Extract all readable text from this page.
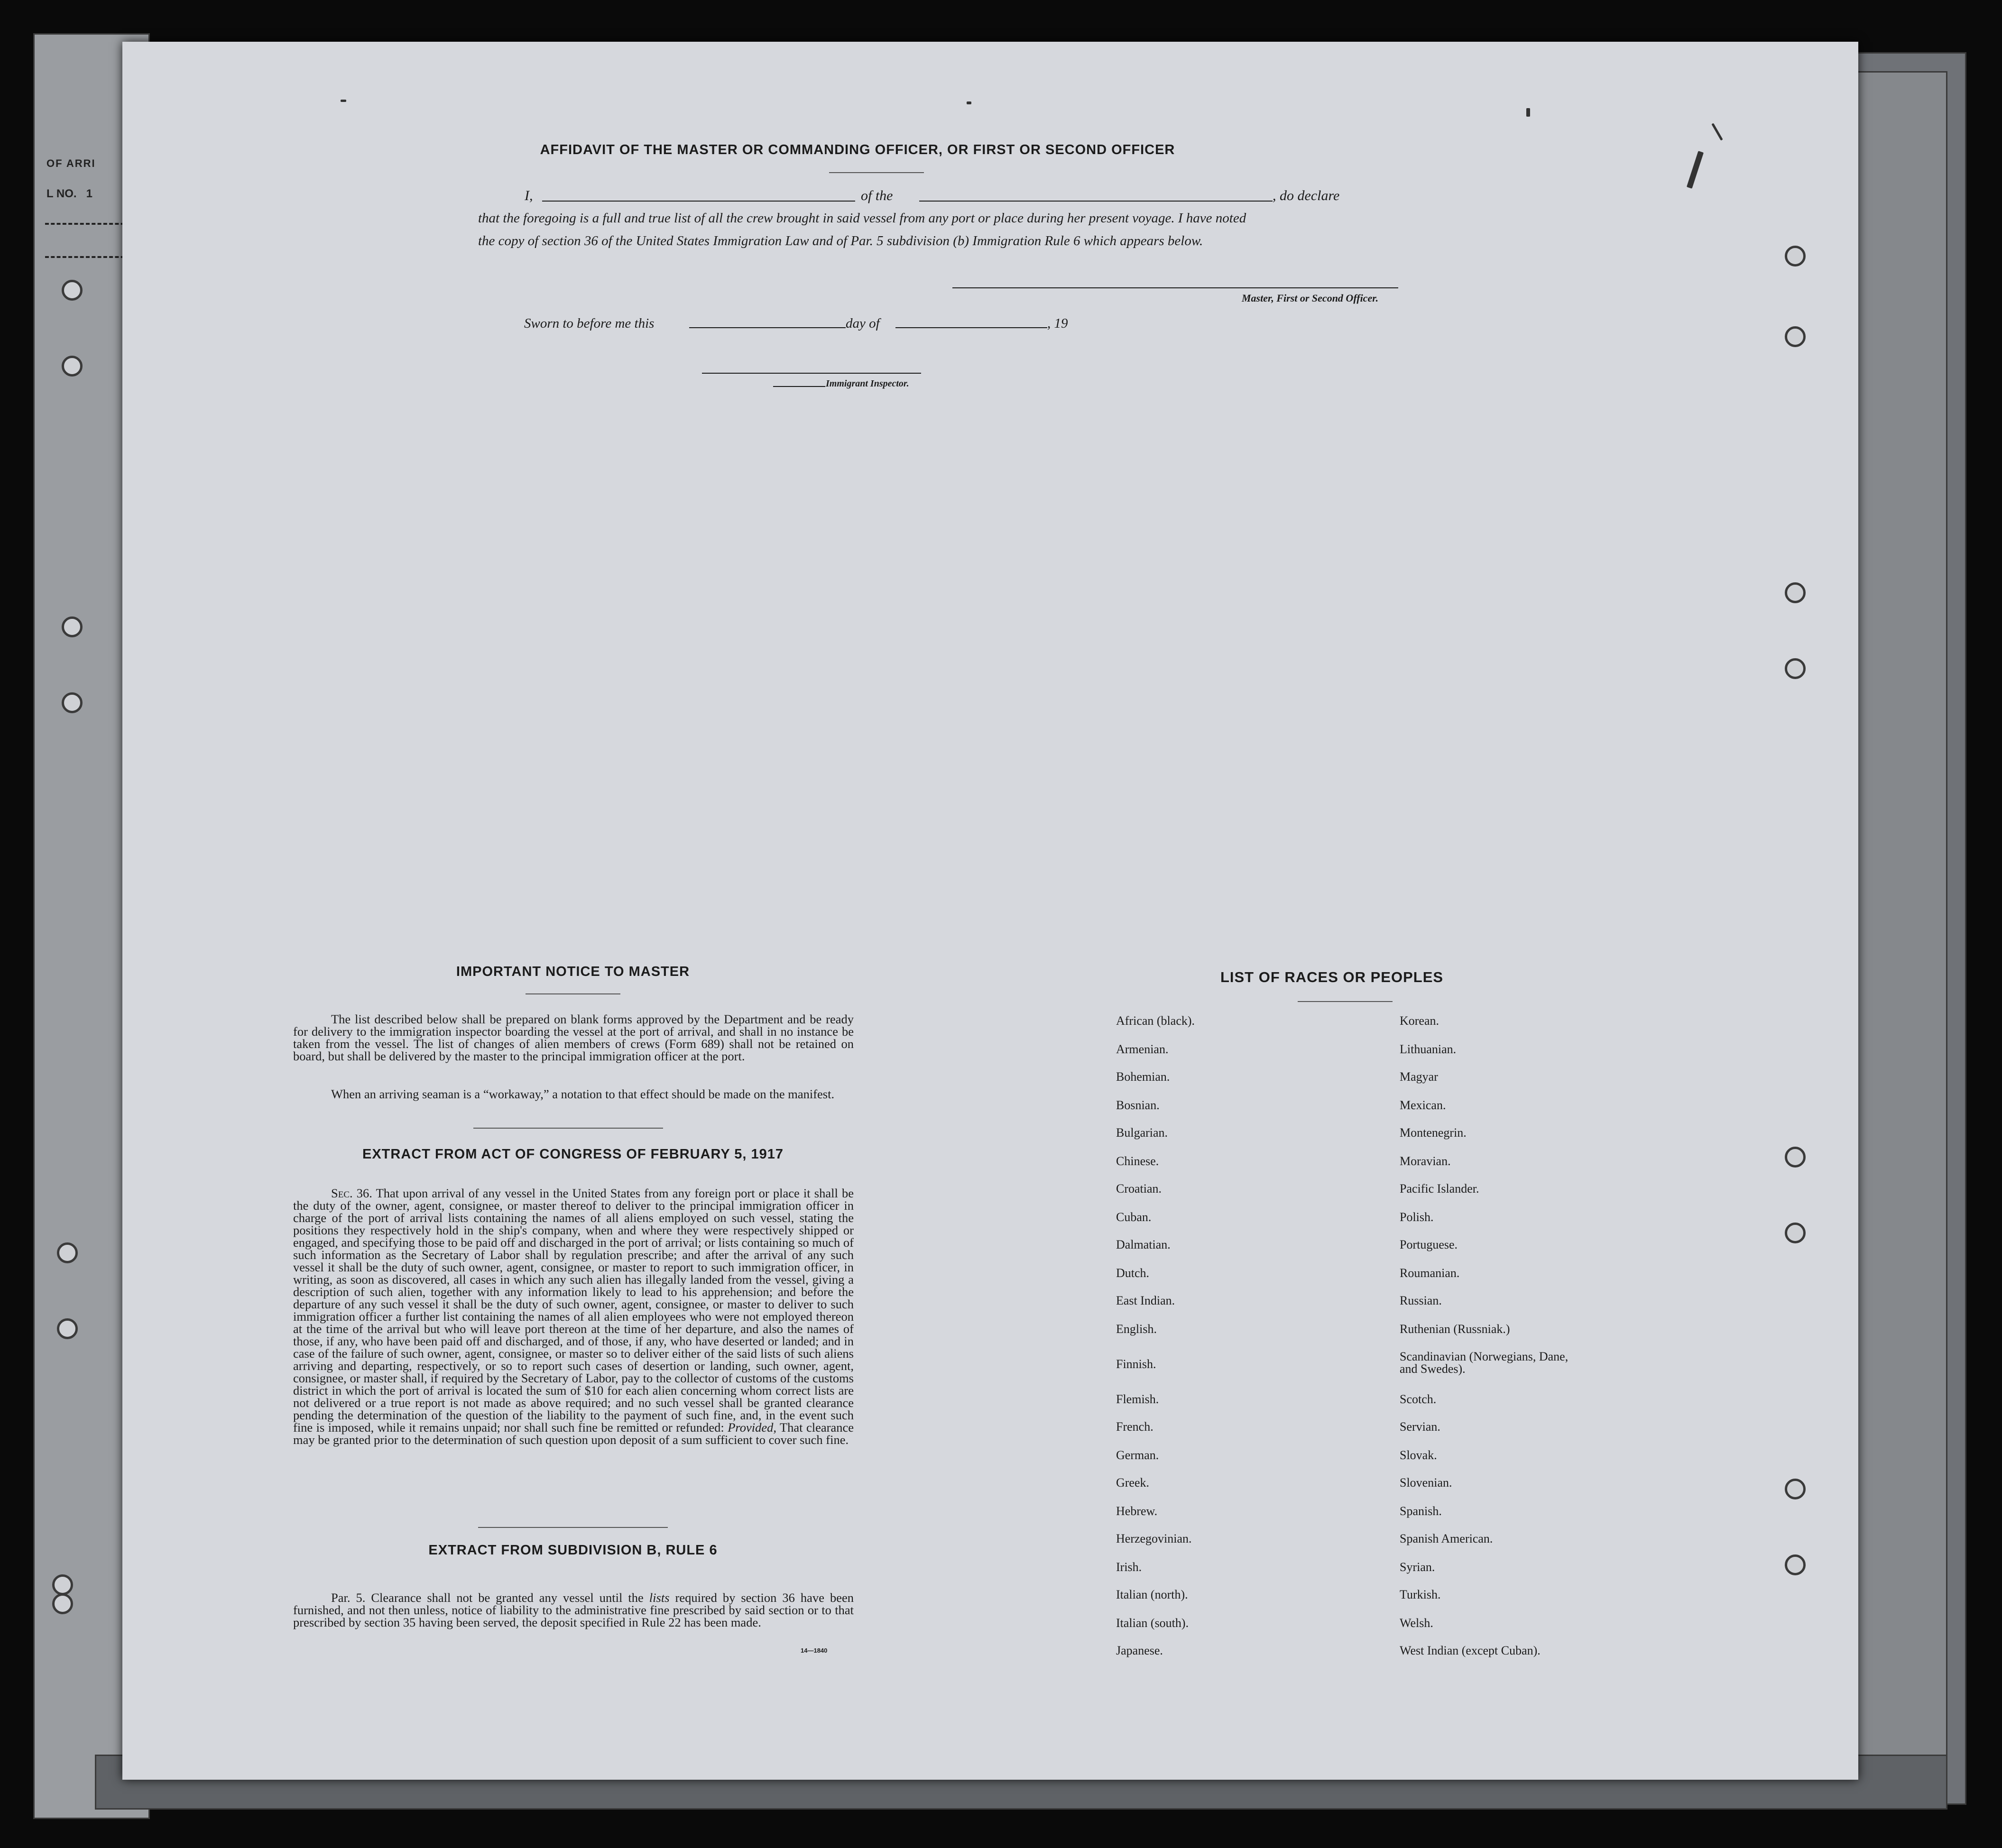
OF ARRI
L NO.   1
AFFIDAVIT OF THE MASTER OR COMMANDING OFFICER, OR FIRST OR SECOND OFFICER
I,	of the	, do declare
that the foregoing is a full and true list of all the crew brought in said vessel from any port or place during her present voyage. I have noted
the copy of section 36 of the United States Immigration Law and of Par. 5 subdivision (b) Immigration Rule 6 which appears below.
Master, First or Second Officer.
Sworn to before me this	day of	, 19
Immigrant Inspector.
IMPORTANT NOTICE TO MASTER
The list described below shall be prepared on blank forms approved by the Department and be ready for delivery to the immigration inspector boarding the vessel at the port of arrival, and shall in no instance be taken from the vessel. The list of changes of alien members of crews (Form 689) shall not be retained on board, but shall be delivered by the master to the principal immigration officer at the port.
When an arriving seaman is a “workaway,” a notation to that effect should be made on the manifest.
EXTRACT FROM ACT OF CONGRESS OF FEBRUARY 5, 1917
Sec. 36. That upon arrival of any vessel in the United States from any foreign port or place it shall be the duty of the owner, agent, consignee, or master thereof to deliver to the principal immigration officer in charge of the port of arrival lists containing the names of all aliens employed on such vessel, stating the positions they respectively hold in the ship's company, when and where they were respectively shipped or engaged, and specifying those to be paid off and discharged in the port of arrival; or lists containing so much of such information as the Secretary of Labor shall by regulation prescribe; and after the arrival of any such vessel it shall be the duty of such owner, agent, consignee, or master to report to such immigration officer, in writing, as soon as discovered, all cases in which any such alien has illegally landed from the vessel, giving a description of such alien, together with any information likely to lead to his apprehension; and before the departure of any such vessel it shall be the duty of such owner, agent, consignee, or master to deliver to such immigration officer a further list containing the names of all alien employees who were not employed thereon at the time of the arrival but who will leave port thereon at the time of her departure, and also the names of those, if any, who have been paid off and discharged, and of those, if any, who have deserted or landed; and in case of the failure of such owner, agent, consignee, or master so to deliver either of the said lists of such aliens arriving and departing, respectively, or so to report such cases of desertion or landing, such owner, agent, consignee, or master shall, if required by the Secretary of Labor, pay to the collector of customs of the customs district in which the port of arrival is located the sum of $10 for each alien concerning whom correct lists are not delivered or a true report is not made as above required; and no such vessel shall be granted clearance pending the determination of the question of the liability to the payment of such fine, and, in the event such fine is imposed, while it remains unpaid; nor shall such fine be remitted or refunded: Provided, That clearance may be granted prior to the determination of such question upon deposit of a sum sufficient to cover such fine.
EXTRACT FROM SUBDIVISION B, RULE 6
Par. 5. Clearance shall not be granted any vessel until the lists required by section 36 have been furnished, and not then unless, notice of liability to the administrative fine prescribed by said section or to that prescribed by section 35 having been served, the deposit specified in Rule 22 has been made.
14—1840
LIST OF RACES OR PEOPLES
African (black).
Armenian.
Bohemian.
Bosnian.
Bulgarian.
Chinese.
Croatian.
Cuban.
Dalmatian.
Dutch.
East Indian.
English.
Finnish.
Flemish.
French.
German.
Greek.
Hebrew.
Herzegovinian.
Irish.
Italian (north).
Italian (south).
Japanese.
Korean.
Lithuanian.
Magyar
Mexican.
Montenegrin.
Moravian.
Pacific Islander.
Polish.
Portuguese.
Roumanian.
Russian.
Ruthenian (Russniak.)
Scandinavian (Norwegians, Dane, and Swedes).
Scotch.
Servian.
Slovak.
Slovenian.
Spanish.
Spanish American.
Syrian.
Turkish.
Welsh.
West Indian (except Cuban).
